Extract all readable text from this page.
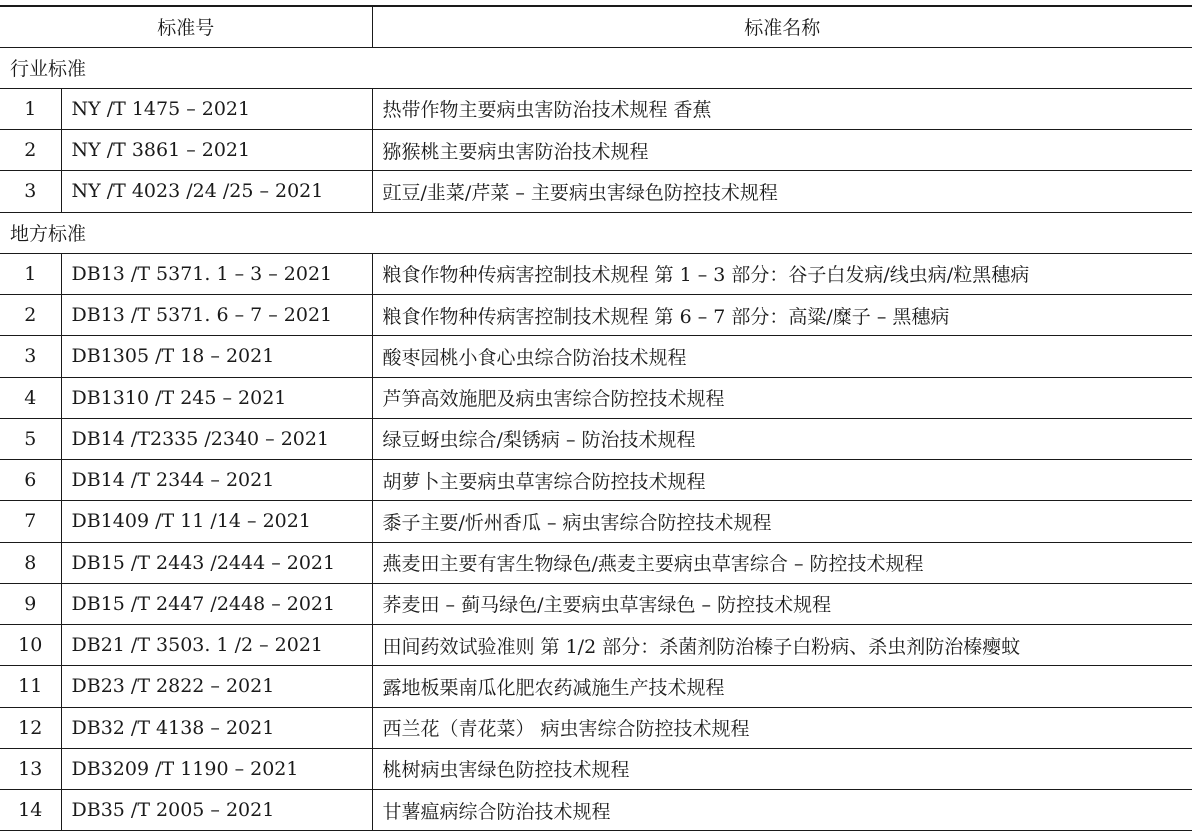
标准号		标准名称
行业标准		
1	NY /T 1475 – 2021	热带作物主要病虫害防治技术规程 香蕉
2	NY /T 3861 – 2021	猕猴桃主要病虫害防治技术规程
3	NY /T 4023 /24 /25 – 2021	豇豆/韭菜/芹菜 – 主要病虫害绿色防控技术规程
地方标准		
1	DB13 /T 5371. 1 – 3 – 2021	粮食作物种传病害控制技术规程 第 1 – 3 部分：谷子白发病/线虫病/粒黑穗病
2	DB13 /T 5371. 6 – 7 – 2021	粮食作物种传病害控制技术规程 第 6 – 7 部分：高粱/糜子 – 黑穗病
3	DB1305 /T 18 – 2021	酸枣园桃小食心虫综合防治技术规程
4	DB1310 /T 245 – 2021	芦笋高效施肥及病虫害综合防控技术规程
5	DB14 /T2335 /2340 – 2021	绿豆蚜虫综合/梨锈病 – 防治技术规程
6	DB14 /T 2344 – 2021	胡萝卜主要病虫草害综合防控技术规程
7	DB1409 /T 11 /14 – 2021	黍子主要/忻州香瓜 – 病虫害综合防控技术规程
8	DB15 /T 2443 /2444 – 2021	燕麦田主要有害生物绿色/燕麦主要病虫草害综合 – 防控技术规程
9	DB15 /T 2447 /2448 – 2021	荞麦田 – 蓟马绿色/主要病虫草害绿色 – 防控技术规程
10	DB21 /T 3503. 1 /2 – 2021	田间药效试验准则 第 1/2 部分：杀菌剂防治榛子白粉病、杀虫剂防治榛瘿蚊
11	DB23 /T 2822 – 2021	露地板栗南瓜化肥农药减施生产技术规程
12	DB32 /T 4138 – 2021	西兰花（青花菜） 病虫害综合防控技术规程
13	DB3209 /T 1190 – 2021	桃树病虫害绿色防控技术规程
14	DB35 /T 2005 – 2021	甘薯瘟病综合防治技术规程
